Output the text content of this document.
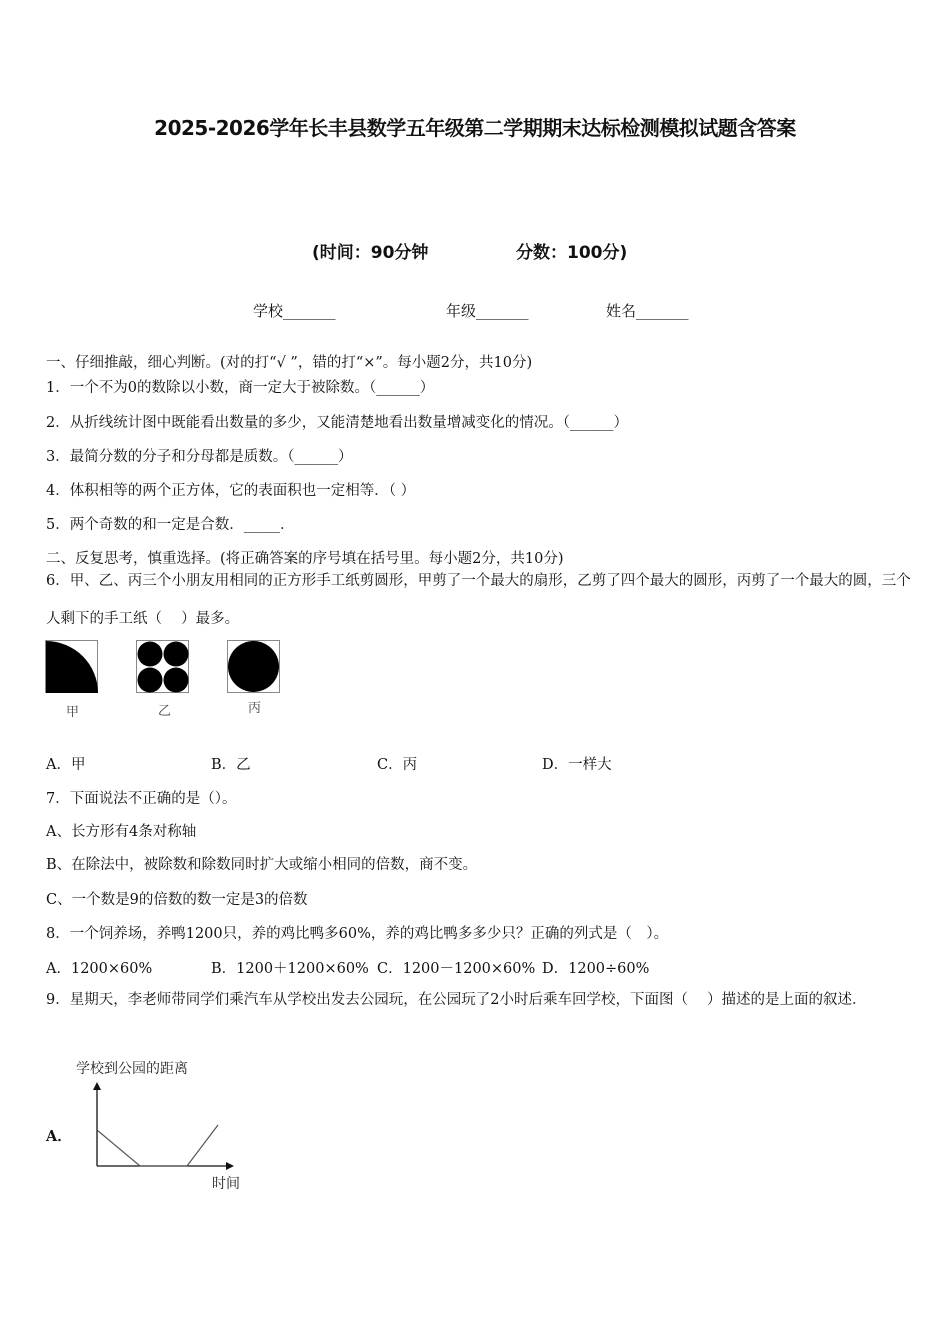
2025-2026学年长丰县数学五年级第二学期期末达标检测模拟试题含答案
(时间：90分钟	分数：100分)
学校_______	年级_______	姓名_______
一、仔细推敲，细心判断。(对的打“√ ”，错的打“×”。每小题2分，共10分)
1．一个不为0的数除以小数，商一定大于被除数。（______）
2．从折线统计图中既能看出数量的多少，又能清楚地看出数量增减变化的情况。（______）
3．最简分数的分子和分母都是质数。（______）
4．体积相等的两个正方体，它的表面积也一定相等．（ ）
5．两个奇数的和一定是合数．_____．
二、反复思考，慎重选择。(将正确答案的序号填在括号里。每小题2分，共10分)
6．甲、乙、丙三个小朋友用相同的正方形手工纸剪圆形，甲剪了一个最大的扇形，乙剪了四个最大的圆形，丙剪了一个最大的圆，三个人剩下的手工纸（　 ）最多。
甲	乙	丙
A．甲	B．乙	C．丙	D．一样大
7．下面说法不正确的是（）。
A、长方形有4条对称轴
B、在除法中，被除数和除数同时扩大或缩小相同的倍数，商不变。
C、一个数是9的倍数的数一定是3的倍数
8．一个饲养场，养鸭1200只，养的鸡比鸭多60%，养的鸡比鸭多多少只？正确的列式是（　）。
A．1200×60%	B．1200＋1200×60% C．1200－1200×60% D．1200÷60%
9．星期天，李老师带同学们乘汽车从学校出发去公园玩，在公园玩了2小时后乘车回学校，下面图（　 ）描述的是上面的叙述．
A．
学校到公园的距离
时间
